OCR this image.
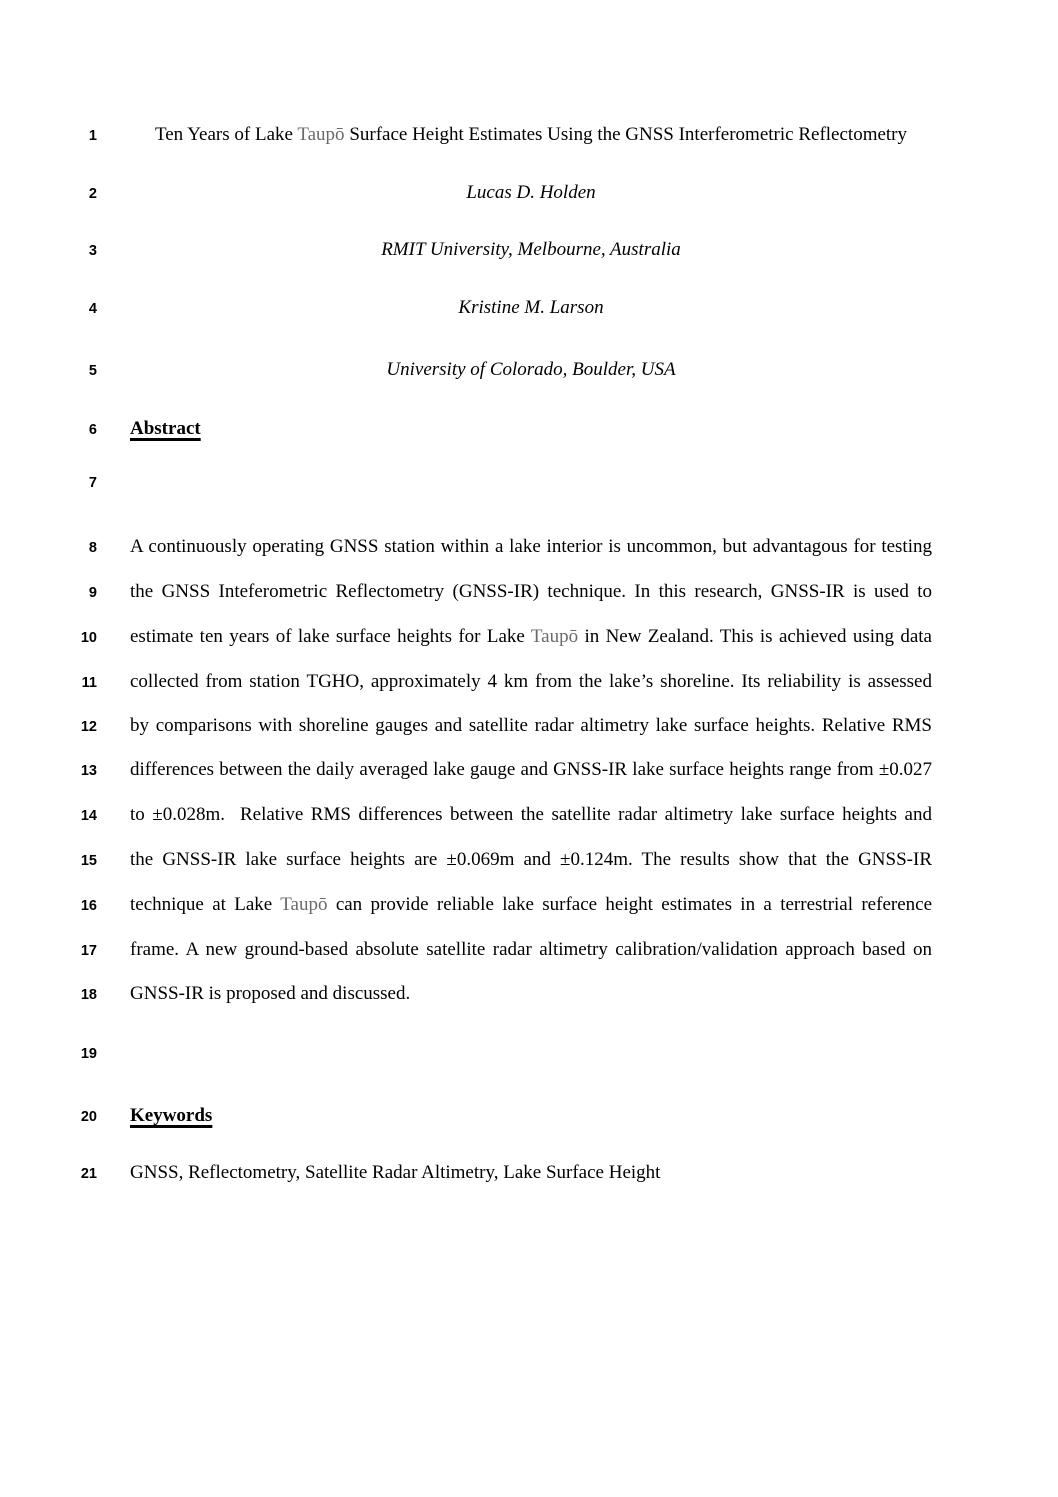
1	Ten Years of Lake Taupō Surface Height Estimates Using the GNSS Interferometric Reflectometry
2	Lucas D. Holden
3	RMIT University, Melbourne, Australia
4	Kristine M. Larson
5	University of Colorado, Boulder, USA
6 Abstract
7
8 A continuously operating GNSS station within a lake interior is uncommon, but advantagous for testing
9 the GNSS Inteferometric Reflectometry (GNSS-IR) technique. In this research, GNSS-IR is used to
10 estimate ten years of lake surface heights for Lake Taupō in New Zealand. This is achieved using data
11 collected from station TGHO, approximately 4 km from the lake’s shoreline. Its reliability is assessed
12 by comparisons with shoreline gauges and satellite radar altimetry lake surface heights. Relative RMS
13 differences between the daily averaged lake gauge and GNSS-IR lake surface heights range from ±0.027
14 to ±0.028m.  Relative RMS differences between the satellite radar altimetry lake surface heights and
15 the GNSS-IR lake surface heights are ±0.069m and ±0.124m. The results show that the GNSS-IR
16 technique at Lake Taupō can provide reliable lake surface height estimates in a terrestrial reference
17 frame. A new ground-based absolute satellite radar altimetry calibration/validation approach based on
18 GNSS-IR is proposed and discussed.
19
20 Keywords
21 GNSS, Reflectometry, Satellite Radar Altimetry, Lake Surface Height
